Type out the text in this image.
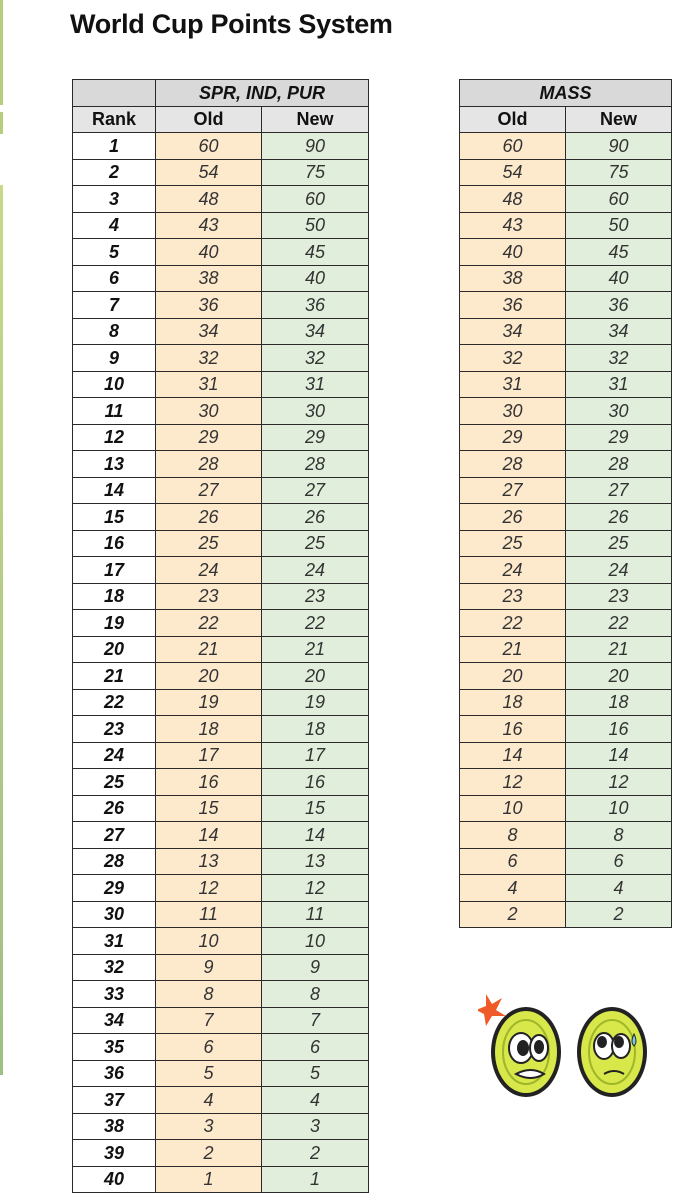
World Cup Points System
	SPR, IND, PUR	
Rank	Old	New
1	60	90
2	54	75
3	48	60
4	43	50
5	40	45
6	38	40
7	36	36
8	34	34
9	32	32
10	31	31
11	30	30
12	29	29
13	28	28
14	27	27
15	26	26
16	25	25
17	24	24
18	23	23
19	22	22
20	21	21
21	20	20
22	19	19
23	18	18
24	17	17
25	16	16
26	15	15
27	14	14
28	13	13
29	12	12
30	11	11
31	10	10
32	9	9
33	8	8
34	7	7
35	6	6
36	5	5
37	4	4
38	3	3
39	2	2
40	1	1
MASS	
Old	New
60	90
54	75
48	60
43	50
40	45
38	40
36	36
34	34
32	32
31	31
30	30
29	29
28	28
27	27
26	26
25	25
24	24
23	23
22	22
21	21
20	20
18	18
16	16
14	14
12	12
10	10
8	8
6	6
4	4
2	2
